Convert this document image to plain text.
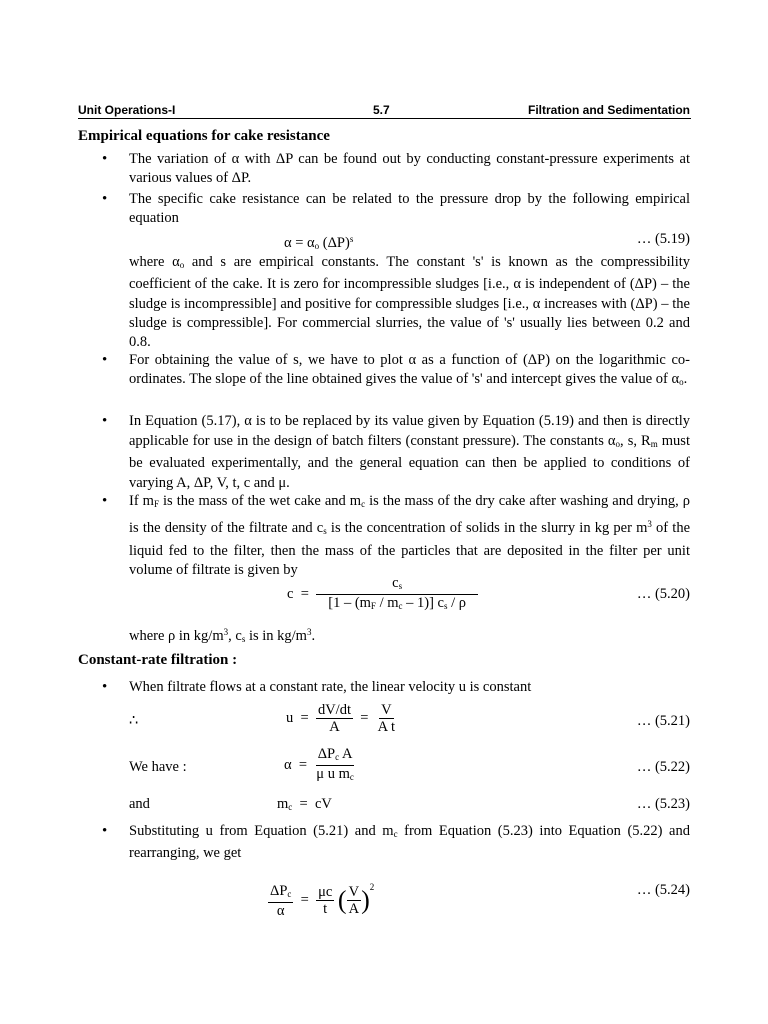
Unit Operations-I	5.7	Filtration and Sedimentation
Empirical equations for cake resistance
• The variation of α with ΔP can be found out by conducting constant-pressure experiments at various values of ΔP.
• The specific cake resistance can be related to the pressure drop by the following empirical equation
$\alpha = \alpha_o$ $(\Delta P)^s$	… (5.19)
where $\alpha_o$ and s are empirical constants. The constant 's' is known as the compressibility coefficient of the cake. It is zero for incompressible sludges [i.e., α is independent of (ΔP) – the sludge is incompressible] and positive for compressible sludges [i.e., α increases with (ΔP) – the sludge is compressible]. For commercial slurries, the value of 's' usually lies between 0.2 and 0.8.
• For obtaining the value of s, we have to plot α as a function of (ΔP) on the logarithmic co-ordinates. The slope of the line obtained gives the value of 's' and intercept gives the value of $\alpha_o$.
• In Equation (5.17), α is to be replaced by its value given by Equation (5.19) and then is directly applicable for use in the design of batch filters (constant pressure). The constants $\alpha_o$, s, $R_m$ must be evaluated experimentally, and the general equation can then be applied to conditions of varying A, ΔP, V, t, c and μ.
• If $m_F$ is the mass of the wet cake and $m_c$ is the mass of the dry cake after washing and drying, ρ is the density of the filtrate and $c_s$ is the concentration of solids in the slurry in kg per $m^3$ of the liquid fed to the filter, then the mass of the particles that are deposited in the filter per unit volume of filtrate is given by
$c = \frac{c_s}{[1 - (m_F / m_c - 1)] c_s / \rho}$	… (5.20)
where ρ in $kg/m^3$, $c_s$ is in $kg/m^3$.
Constant-rate filtration :
• When filtrate flows at a constant rate, the linear velocity u is constant
∴	$u = \frac{dV/dt}{A} = \frac{V}{\text{A t}}$	… (5.21)
We have :	$\alpha = \frac{\Delta P_c A}{\mu u m_c}$	… (5.22)
and	$m_c$ = cV	… (5.23)
• Substituting u from Equation (5.21) and $m_c$ from Equation (5.23) into Equation (5.22) and rearranging, we get
$\frac{\Delta P_c}{\alpha} = \frac{\mu c}{t}$ ( $\frac{V}{A} )^2$	… (5.24)
